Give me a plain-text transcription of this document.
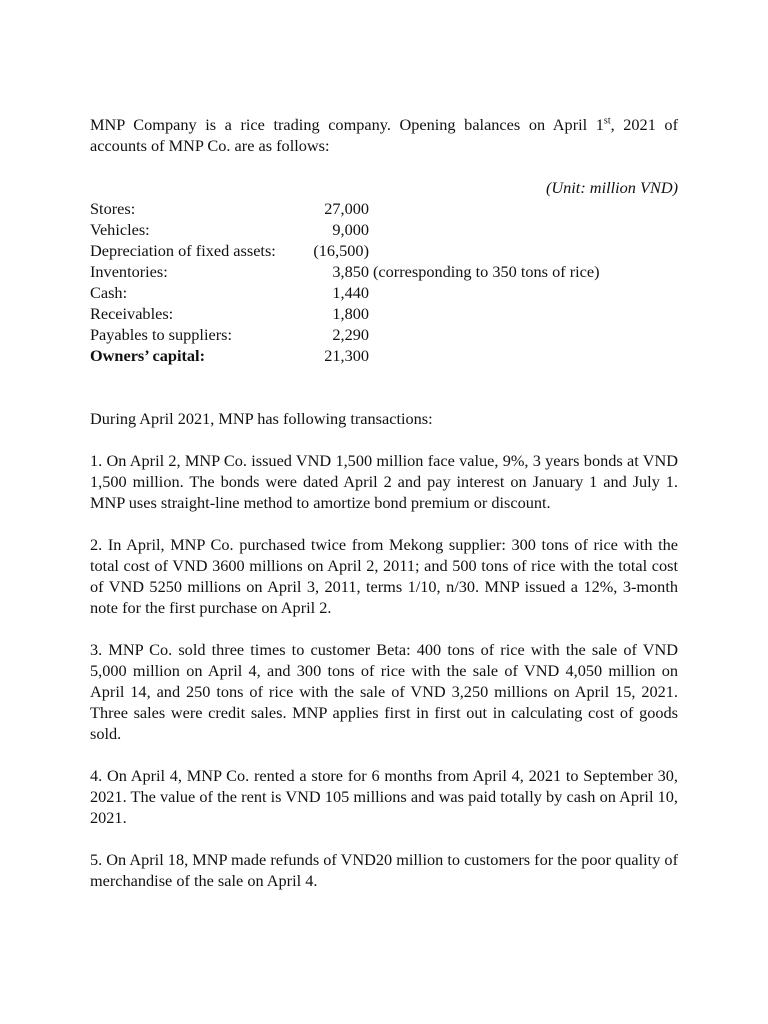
MNP Company is a rice trading company. Opening balances on April 1st, 2021 of accounts of MNP Co. are as follows:

(Unit: million VND)
Stores:	27,000
Vehicles:	9,000
Depreciation of fixed assets:	(16,500)
Inventories:	3,850 (corresponding to 350 tons of rice)
Cash:	1,440
Receivables:	1,800
Payables to suppliers:	2,290
Owners’ capital:	21,300

During April 2021, MNP has following transactions:

1. On April 2, MNP Co. issued VND 1,500 million face value, 9%, 3 years bonds at VND 1,500 million. The bonds were dated April 2 and pay interest on January 1 and July 1. MNP uses straight-line method to amortize bond premium or discount.

2. In April, MNP Co. purchased twice from Mekong supplier: 300 tons of rice with the total cost of VND 3600 millions on April 2, 2011; and 500 tons of rice with the total cost of VND 5250 millions on April 3, 2011, terms 1/10, n/30. MNP issued a 12%, 3-month note for the first purchase on April 2.

3. MNP Co. sold three times to customer Beta: 400 tons of rice with the sale of VND 5,000 million on April 4, and 300 tons of rice with the sale of VND 4,050 million on April 14, and 250 tons of rice with the sale of VND 3,250 millions on April 15, 2021. Three sales were credit sales. MNP applies first in first out in calculating cost of goods sold.

4. On April 4, MNP Co. rented a store for 6 months from April 4, 2021 to September 30, 2021. The value of the rent is VND 105 millions and was paid totally by cash on April 10, 2021.

5. On April 18, MNP made refunds of VND20 million to customers for the poor quality of merchandise of the sale on April 4.
